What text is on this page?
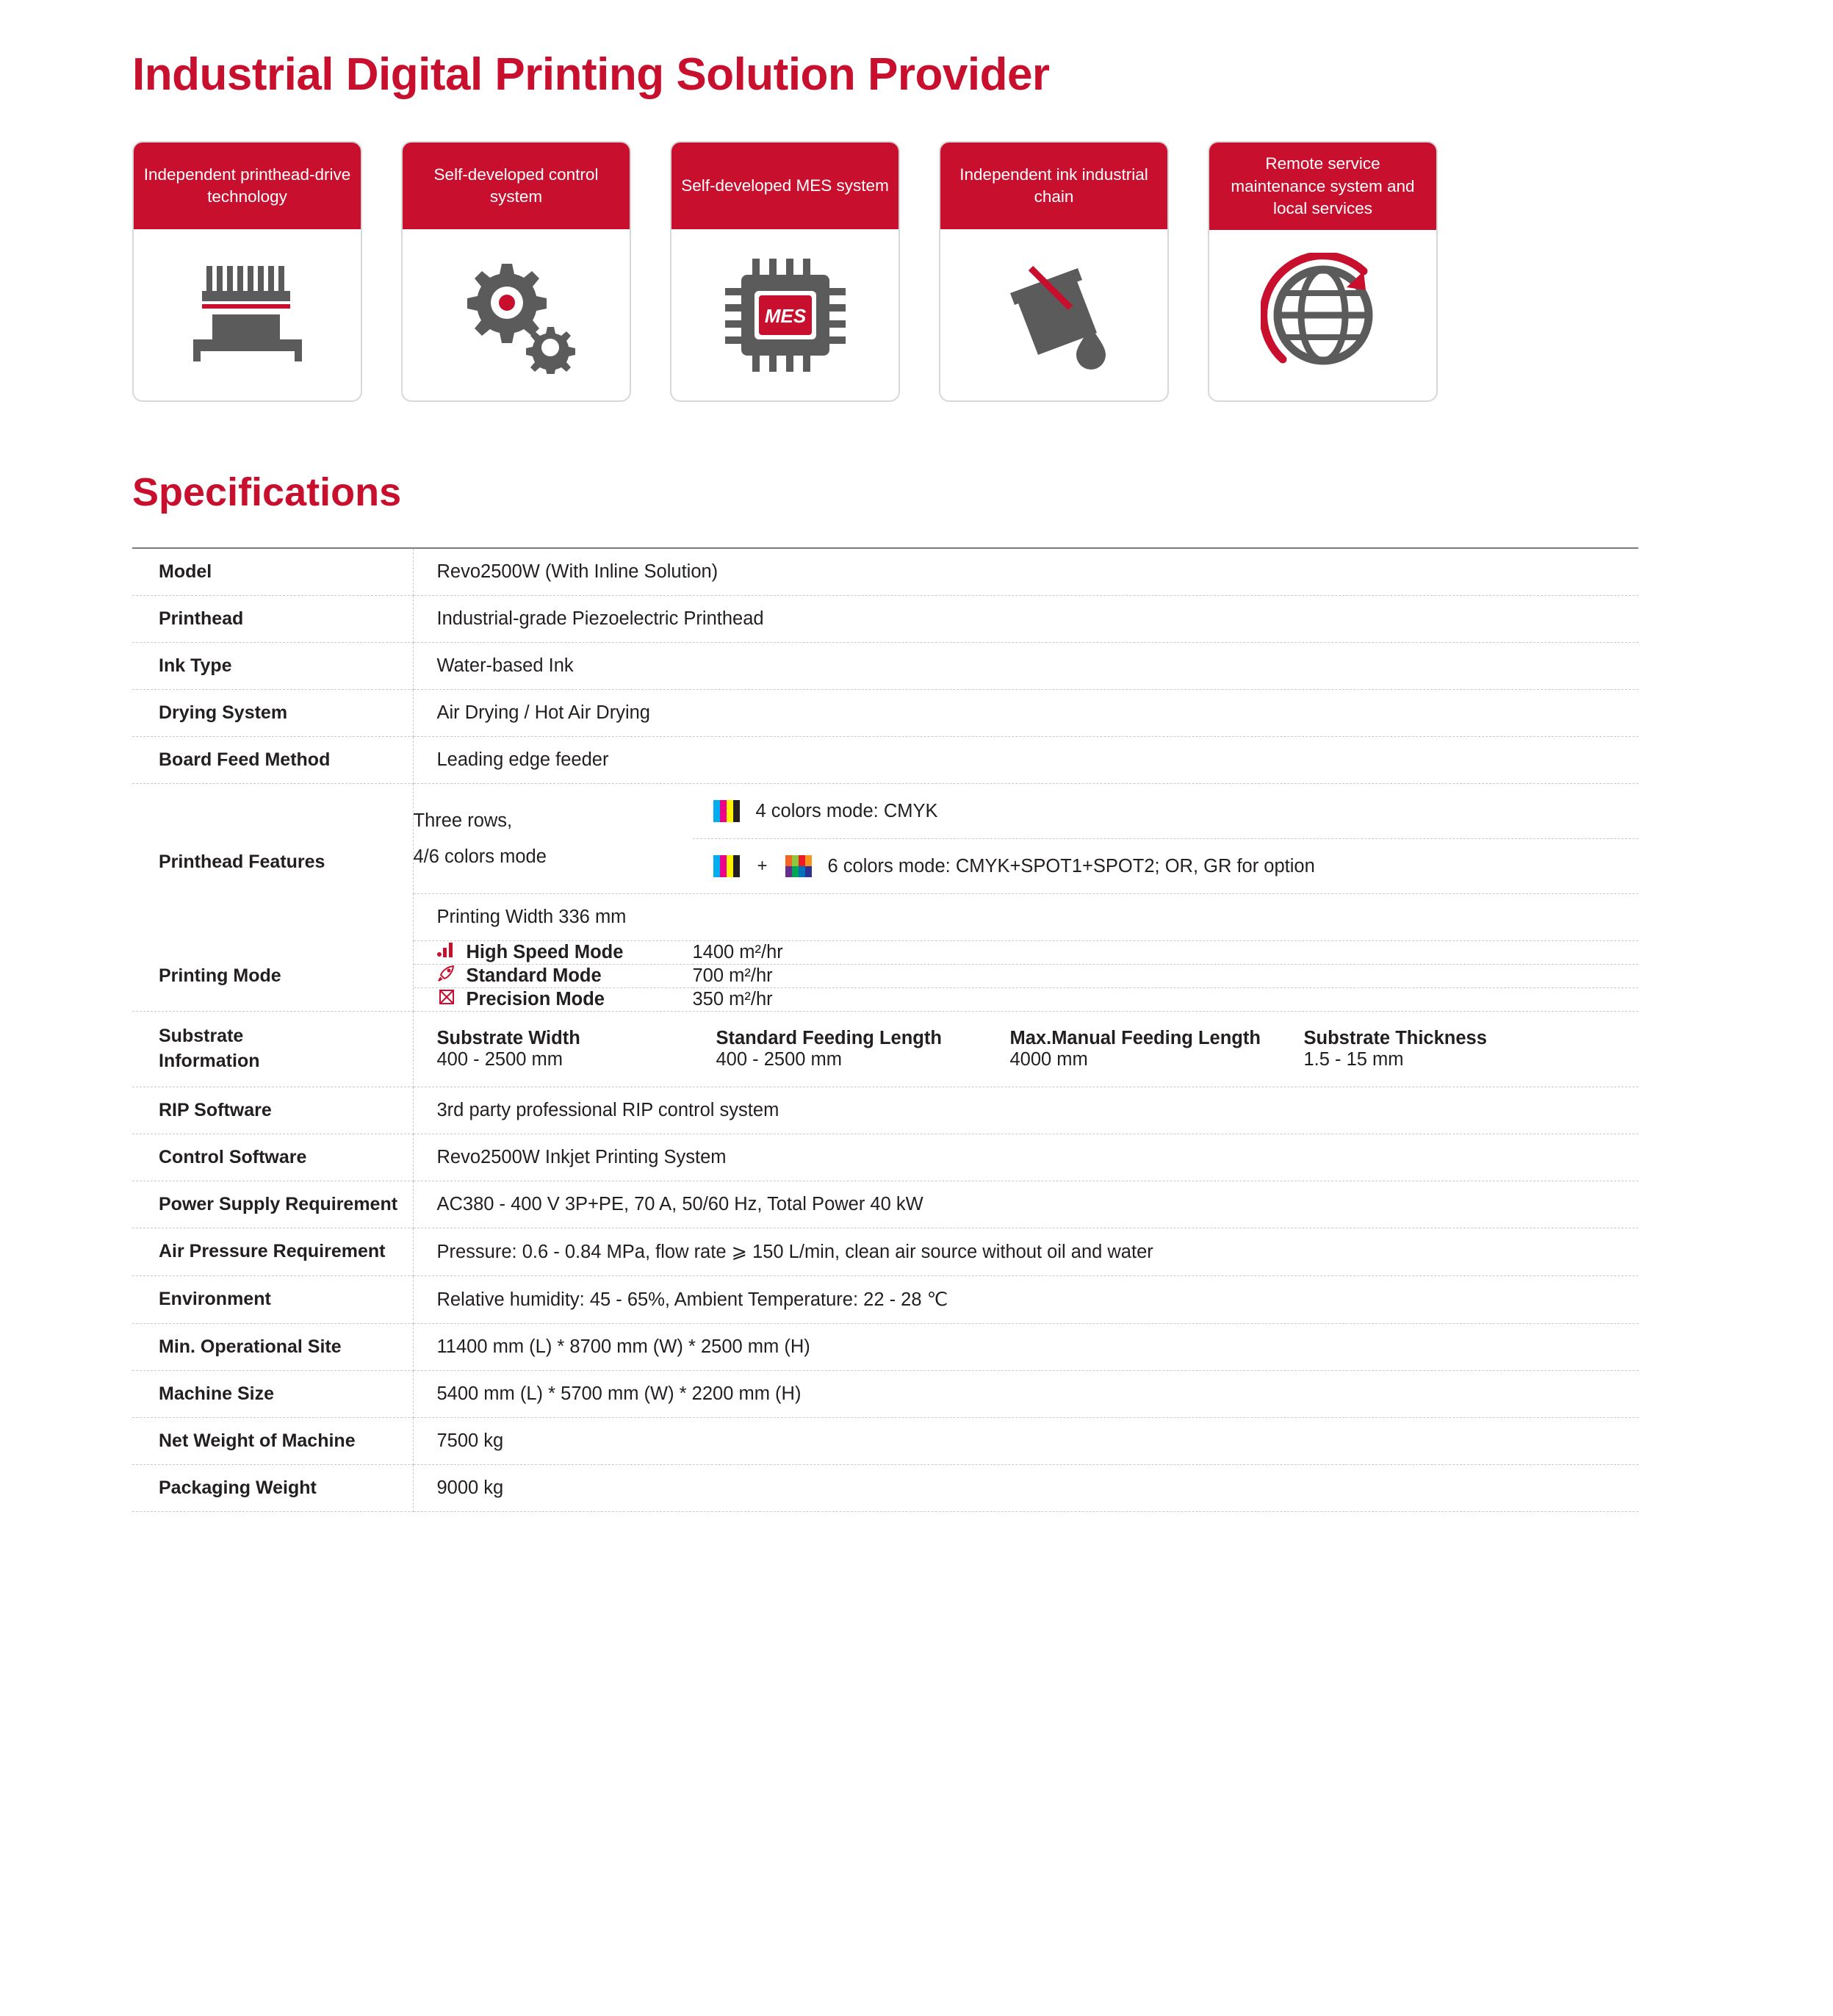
Industrial Digital Printing Solution Provider
Independent printhead-drive technology
Self-developed control system
Self-developed MES system
MES
Independent ink industrial chain
Remote service maintenance system and local services
Specifications
Model	Revo2500W (With Inline Solution)
Printhead	Industrial-grade Piezoelectric Printhead
Ink Type	Water-based Ink
Drying System	Air Drying / Hot Air Drying
Board Feed Method	Leading edge feeder
Printhead Features	
Three rows,
4/6 colors mode

4 colors mode: CMYK
+	6 colors mode: CMYK+SPOT1+SPOT2; OR, GR for option

Printing Width 336 mm
Printing Mode	
High Speed Mode	1400 m²/hr

Standard Mode	700 m²/hr

Precision Mode	350 m²/hr

Substrate
Information

Substrate Width	Standard Feeding Length	Max.Manual Feeding Length	Substrate Thickness
400 - 2500 mm	400 - 2500 mm	4000 mm	1.5 - 15 mm

RIP Software	3rd party professional RIP control system
Control Software	Revo2500W Inkjet Printing System
Power Supply Requirement	AC380 - 400 V 3P+PE, 70 A, 50/60 Hz, Total Power 40 kW
Air Pressure Requirement	Pressure: 0.6 - 0.84 MPa, flow rate ⩾ 150 L/min, clean air source without oil and water
Environment	Relative humidity: 45 - 65%, Ambient Temperature: 22 - 28 ℃
Min. Operational Site	11400 mm (L) * 8700 mm (W) * 2500 mm (H)
Machine Size	5400 mm (L) * 5700 mm (W) * 2200 mm (H)
Net Weight of Machine	7500 kg
Packaging Weight	9000 kg
